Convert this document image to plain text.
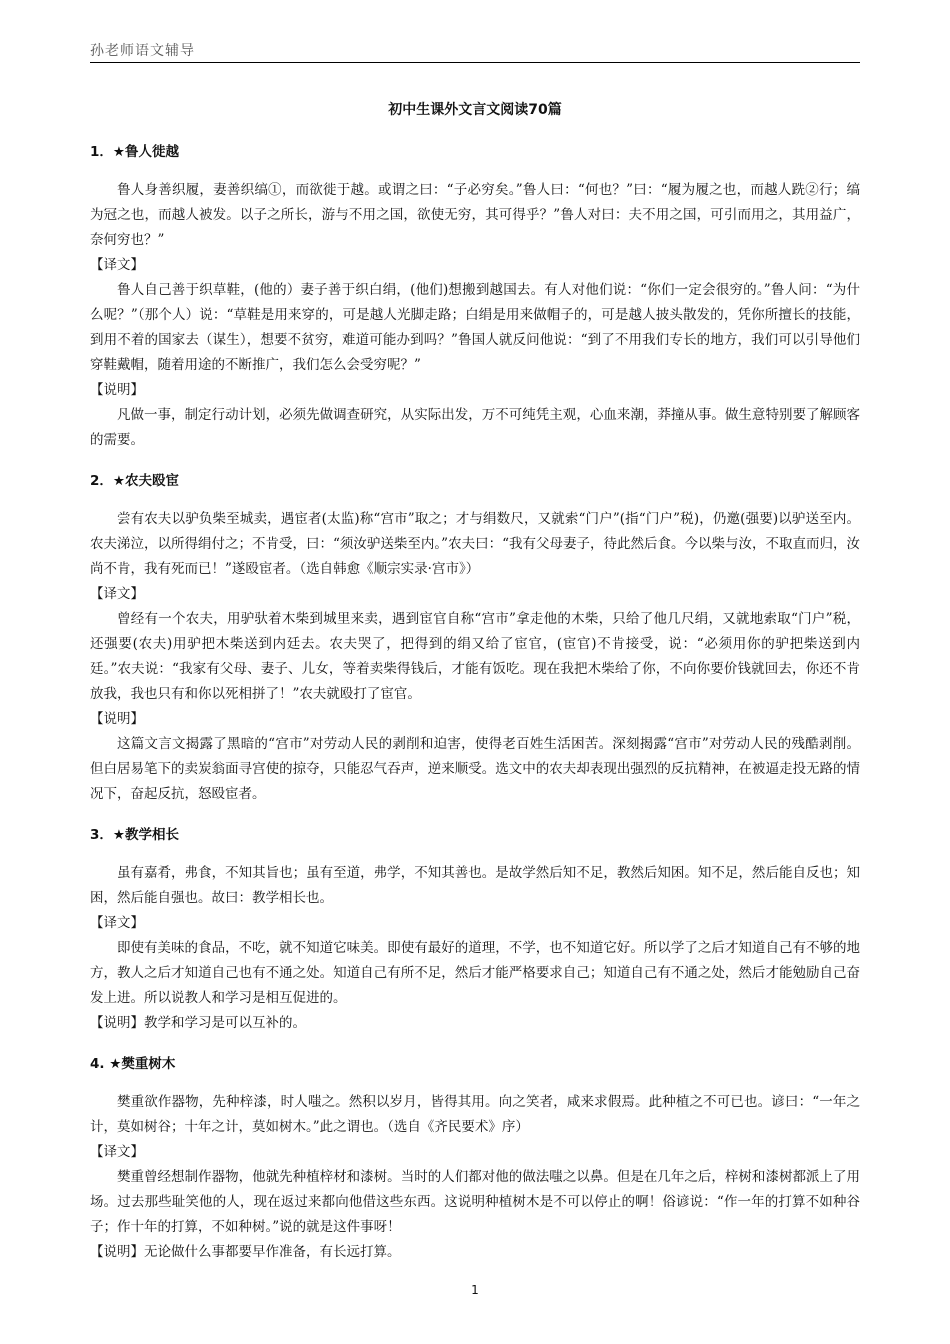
孙老师语文辅导
初中生课外文言文阅读70篇
1．★鲁人徙越

鲁人身善织履，妻善织缟①，而欲徙于越。或谓之曰：“子必穷矣。”鲁人曰：“何也？”曰：“履为履之也，而越人跣②行；缟为冠之也，而越人被发。以子之所长，游与不用之国，欲使无穷，其可得乎？”鲁人对曰：夫不用之国，可引而用之，其用益广，奈何穷也？”

【译文】

鲁人自己善于织草鞋，(他的）妻子善于织白绢，(他们)想搬到越国去。有人对他们说：“你们一定会很穷的。”鲁人问：“为什么呢？”（那个人）说：“草鞋是用来穿的，可是越人光脚走路；白绢是用来做帽子的，可是越人披头散发的，凭你所擅长的技能，到用不着的国家去（谋生），想要不贫穷，难道可能办到吗？”鲁国人就反问他说：“到了不用我们专长的地方，我们可以引导他们穿鞋戴帽，随着用途的不断推广，我们怎么会受穷呢？”

【说明】

凡做一事，制定行动计划，必须先做调查研究，从实际出发，万不可纯凭主观，心血来潮，莽撞从事。做生意特别要了解顾客的需要。

2．★农夫殴宦

尝有农夫以驴负柴至城卖，遇宦者(太监)称“宫市”取之；才与绢数尺，又就索“门户”(指“门户”税)，仍邀(强要)以驴送至内。农夫涕泣，以所得绢付之；不肯受，曰：“须汝驴送柴至内。”农夫曰：“我有父母妻子，待此然后食。今以柴与汝，不取直而归，汝尚不肯，我有死而已！”遂殴宦者。（选自韩愈《顺宗实录·宫市》）

【译文】

曾经有一个农夫，用驴驮着木柴到城里来卖，遇到宦官自称“宫市”拿走他的木柴，只给了他几尺绢，又就地索取“门户”税，还强要(农夫)用驴把木柴送到内廷去。农夫哭了，把得到的绢又给了宦官，(宦官)不肯接受，说：“必须用你的驴把柴送到内廷。”农夫说：“我家有父母、妻子、儿女，等着卖柴得钱后，才能有饭吃。现在我把木柴给了你，不向你要价钱就回去，你还不肯放我，我也只有和你以死相拼了！”农夫就殴打了宦官。

【说明】

这篇文言文揭露了黑暗的“宫市”对劳动人民的剥削和迫害，使得老百姓生活困苦。深刻揭露“宫市”对劳动人民的残酷剥削。但白居易笔下的卖炭翁面寻宫使的掠夺，只能忍气吞声，逆来顺受。选文中的农夫却表现出强烈的反抗精神，在被逼走投无路的情况下，奋起反抗，怒殴宦者。

3．★教学相长

虽有嘉肴，弗食，不知其旨也；虽有至道，弗学，不知其善也。是故学然后知不足，教然后知困。知不足，然后能自反也；知困，然后能自强也。故曰：教学相长也。

【译文】

即使有美味的食品，不吃，就不知道它味美。即使有最好的道理，不学，也不知道它好。所以学了之后才知道自己有不够的地方，教人之后才知道自己也有不通之处。知道自己有所不足，然后才能严格要求自己；知道自己有不通之处，然后才能勉励自己奋发上进。所以说教人和学习是相互促进的。

【说明】教学和学习是可以互补的。

4. ★樊重树木

樊重欲作器物，先种梓漆，时人嗤之。然积以岁月，皆得其用。向之笑者，咸来求假焉。此种植之不可已也。谚曰：“一年之计，莫如树谷；十年之计，莫如树木。”此之谓也。（选自《齐民要术》序）

【译文】

樊重曾经想制作器物，他就先种植梓材和漆树。当时的人们都对他的做法嗤之以鼻。但是在几年之后，梓树和漆树都派上了用场。过去那些耻笑他的人，现在返过来都向他借这些东西。这说明种植树木是不可以停止的啊！俗谚说：“作一年的打算不如种谷子；作十年的打算，不如种树。”说的就是这件事呀！

【说明】无论做什么事都要早作准备，有长远打算。

1
